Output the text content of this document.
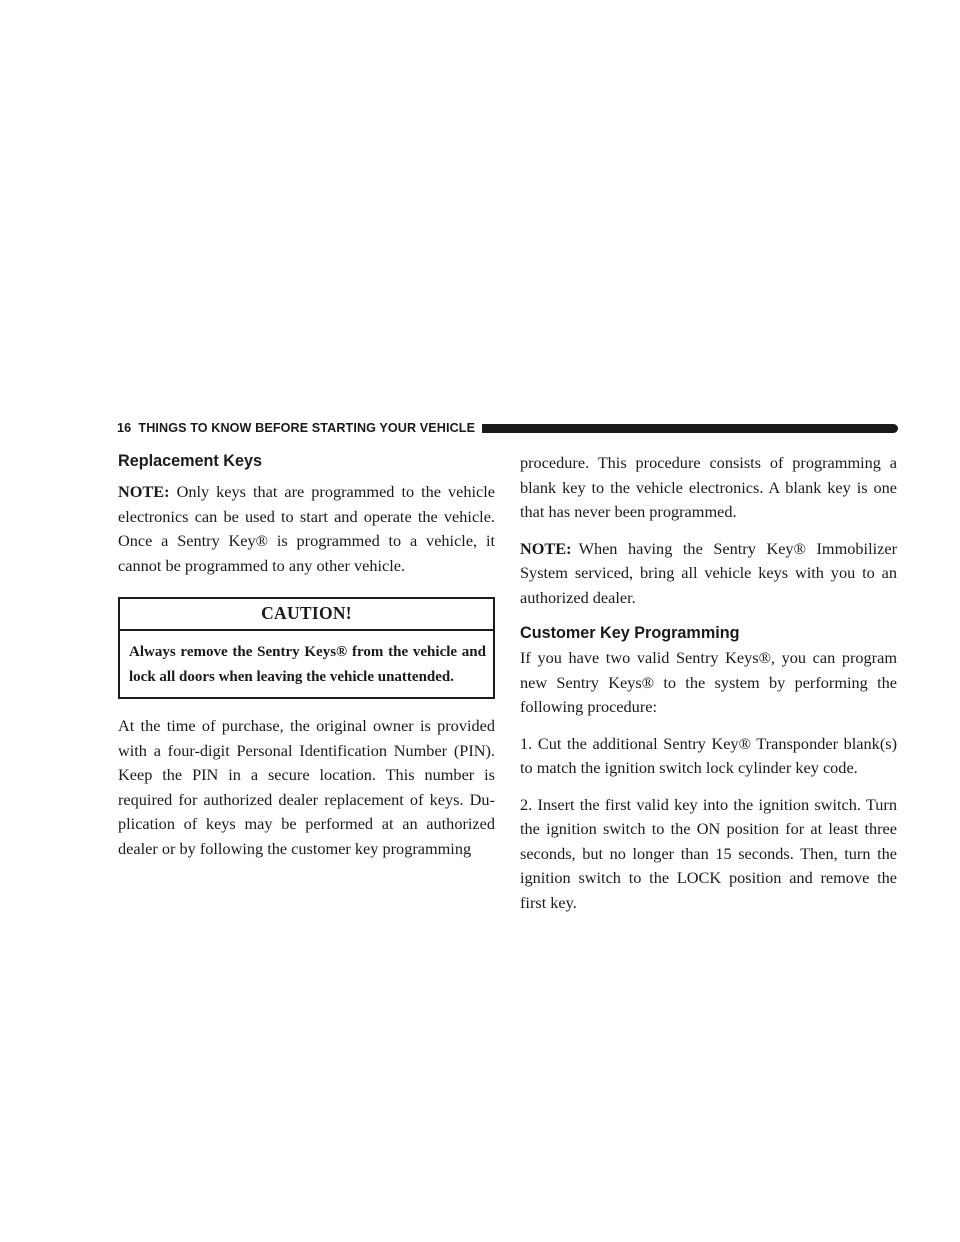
16 THINGS TO KNOW BEFORE STARTING YOUR VEHICLE
Replacement Keys

NOTE: Only keys that are programmed to the vehicle electronics can be used to start and operate the vehicle. Once a Sentry Key® is programmed to a vehicle, it cannot be programmed to any other vehicle.

CAUTION!
Always remove the Sentry Keys® from the vehicle and lock all doors when leaving the vehicle unattended.

At the time of purchase, the original owner is provided with a four-digit Personal Identification Number (PIN). Keep the PIN in a secure location. This number is required for authorized dealer replacement of keys. Duplication of keys may be performed at an authorized dealer or by following the customer key programming

procedure. This procedure consists of programming a blank key to the vehicle electronics. A blank key is one that has never been programmed.

NOTE: When having the Sentry Key® Immobilizer System serviced, bring all vehicle keys with you to an authorized dealer.

Customer Key Programming

If you have two valid Sentry Keys®, you can program new Sentry Keys® to the system by performing the following procedure:

1. Cut the additional Sentry Key® Transponder blank(s) to match the ignition switch lock cylinder key code.

2. Insert the first valid key into the ignition switch. Turn the ignition switch to the ON position for at least three seconds, but no longer than 15 seconds. Then, turn the ignition switch to the LOCK position and remove the first key.
